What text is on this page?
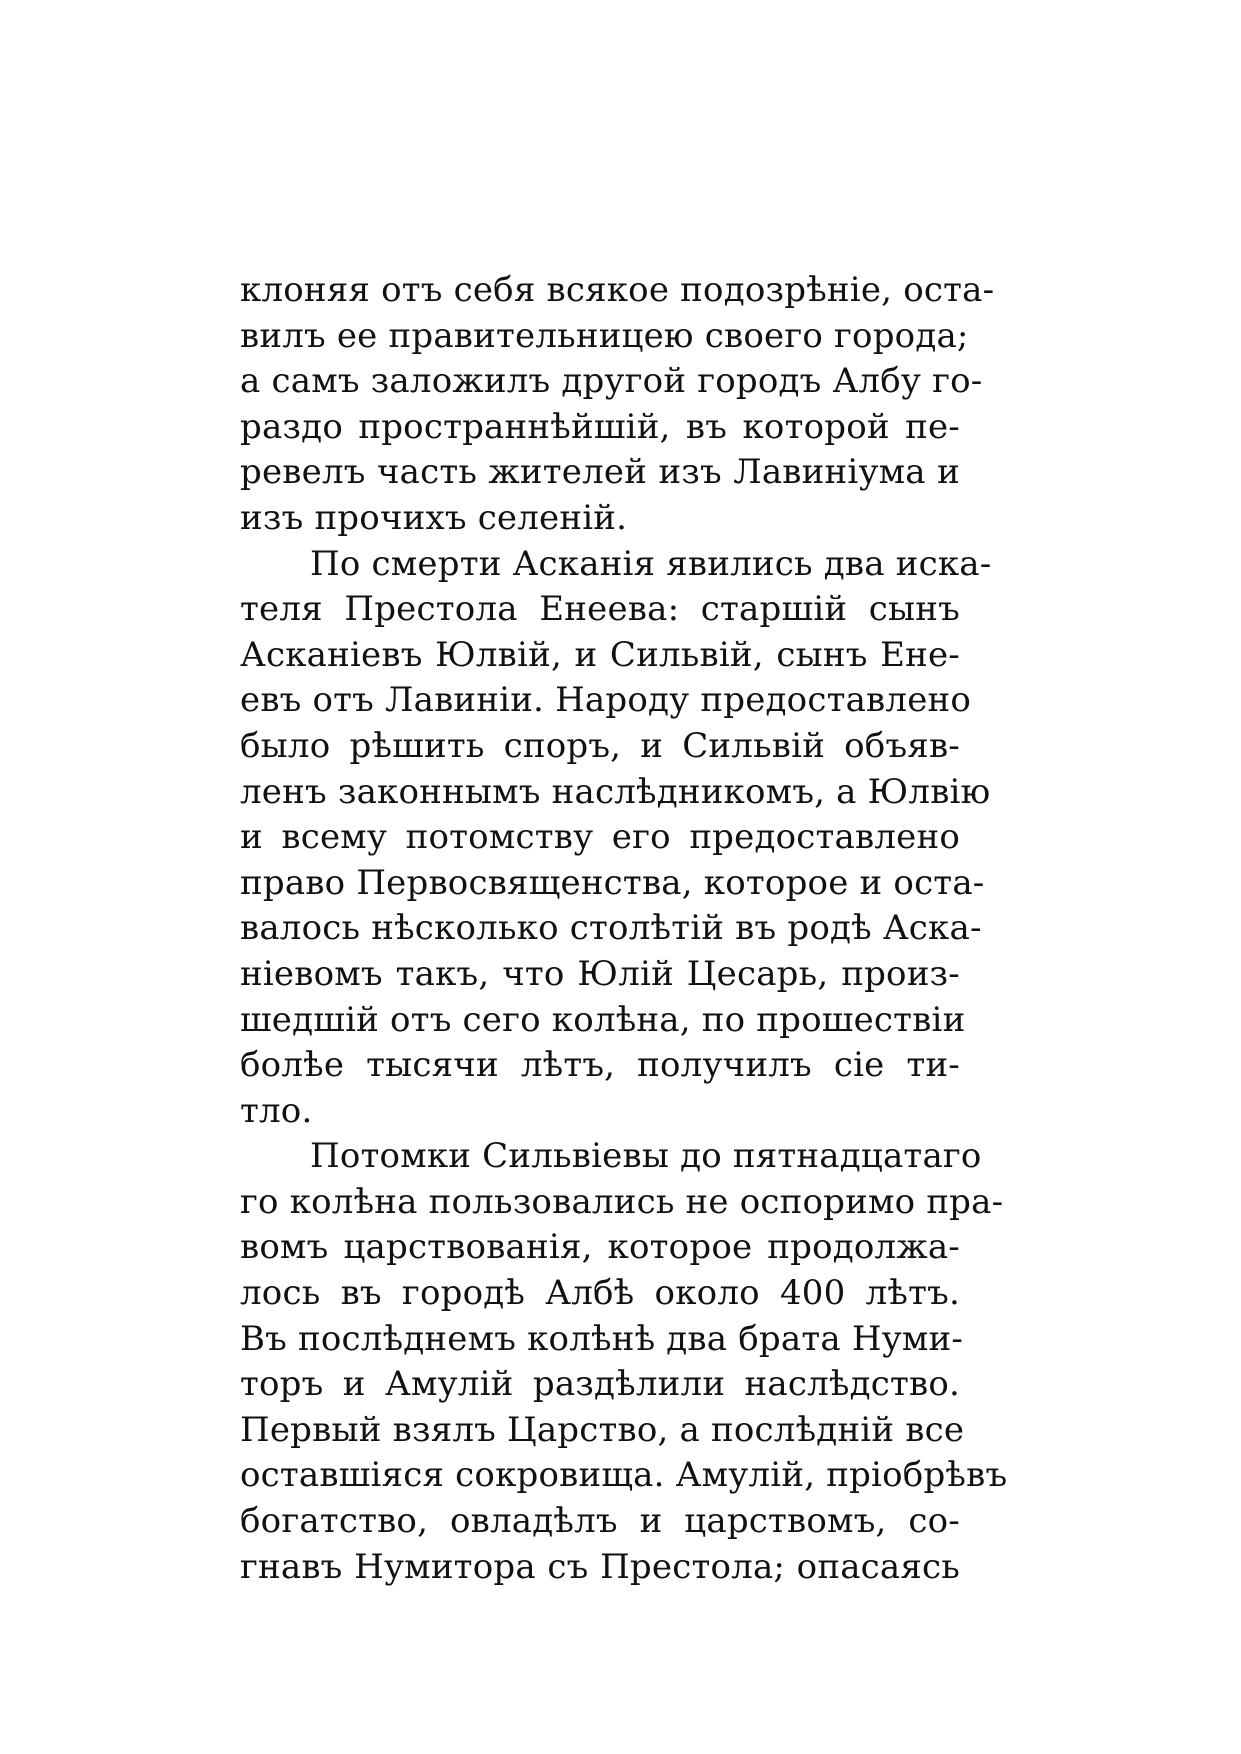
клоняя отъ себя всякое подозрѣніе, оста-
вилъ ее правительницею своего города;
а самъ заложилъ другой городъ Албу го-
раздо пространнѣйшій, въ которой пе-
ревелъ часть жителей изъ Лавиніума и
изъ прочихъ селеній.
По смерти Асканія явились два иска-
теля Престола Енеева: старшій сынъ
Асканіевъ Юлвій, и Сильвій, сынъ Ене-
евъ отъ Лавиніи. Народу предоставлено
было рѣшить споръ, и Сильвій объяв-
ленъ законнымъ наслѣдникомъ, а Юлвію
и всему потомству его предоставлено
право Первосвященства, которое и оста-
валось нѣсколько столѣтій въ родѣ Аска-
ніевомъ такъ, что Юлій Цесарь, произ-
шедшій отъ сего колѣна, по прошествіи
болѣе тысячи лѣтъ, получилъ сіе ти-
тло.
Потомки Сильвіевы до пятнадцатаго
го колѣна пользовались не оспоримо пра-
вомъ царствованія, которое продолжа-
лось въ городѣ Албѣ около 400 лѣтъ.
Въ послѣднемъ колѣнѣ два брата Нуми-
торъ и Амулій раздѣлили наслѣдство.
Первый взялъ Царство, а послѣдній все
оставшіяся сокровища. Амулій, пріобрѣвъ
богатство, овладѣлъ и царствомъ, со-
гнавъ Нумитора съ Престола; опасаясь
